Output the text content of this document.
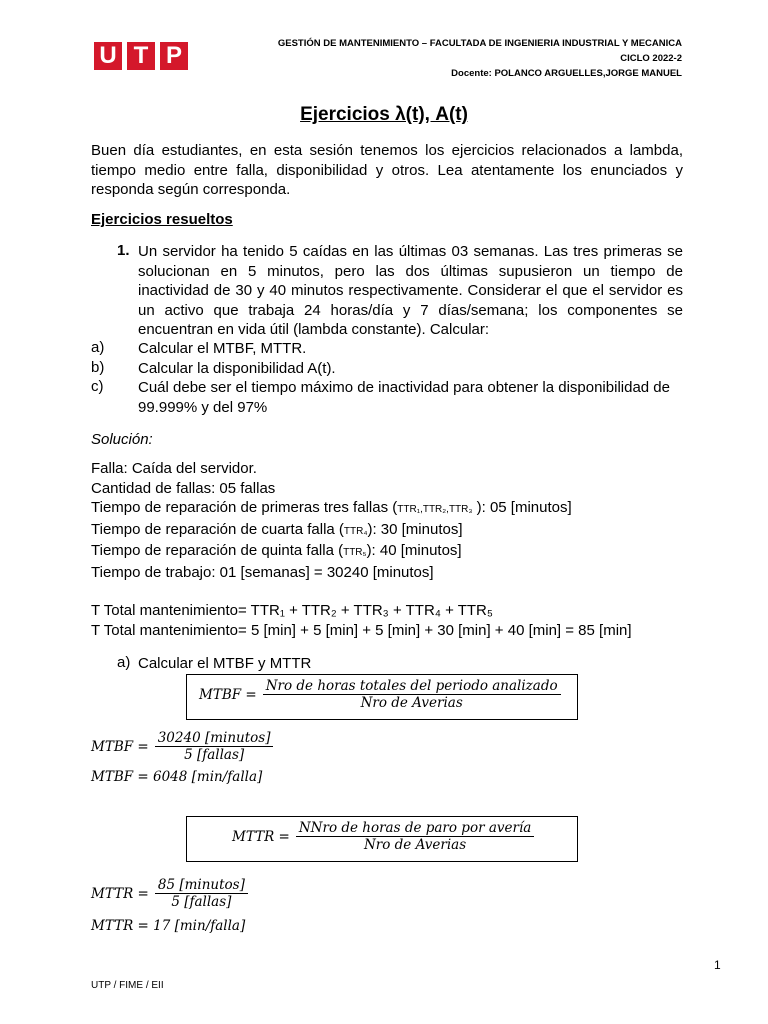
U T P	GESTIÓN DE MANTENIMIENTO – FACULTADA DE INGENIERIA INDUSTRIAL Y MECANICA
CICLO 2022-2
Docente: POLANCO ARGUELLES,JORGE MANUEL
Ejercicios λ(t), A(t)
Buen día estudiantes, en esta sesión tenemos los ejercicios relacionados a lambda, tiempo medio entre falla, disponibilidad y otros. Lea atentamente los enunciados y responda según corresponda.
Ejercicios resueltos
1. Un servidor ha tenido 5 caídas en las últimas 03 semanas. Las tres primeras se solucionan en 5 minutos, pero las dos últimas supusieron un tiempo de inactividad de 30 y 40 minutos respectivamente. Considerar el que el servidor es un activo que trabaja 24 horas/día y 7 días/semana; los componentes se encuentran en vida útil (lambda constante). Calcular:
a) Calcular el MTBF, MTTR.
b) Calcular la disponibilidad A(t).
c) Cuál debe ser el tiempo máximo de inactividad para obtener la disponibilidad de 99.999% y del 97%
Solución:
Falla: Caída del servidor.
Cantidad de fallas: 05 fallas
Tiempo de reparación de primeras tres fallas (TTR₁,TTR₂,TTR₃ ): 05 [minutos]
Tiempo de reparación de cuarta falla (TTR₄): 30 [minutos]
Tiempo de reparación de quinta falla (TTR₅): 40 [minutos]
Tiempo de trabajo: 01 [semanas] = 30240 [minutos]
T Total mantenimiento= TTR₁ + TTR₂ + TTR₃ + TTR₄ + TTR₅
T Total mantenimiento= 5 [min] + 5 [min] + 5 [min] + 30 [min] + 40 [min] = 85 [min]
a) Calcular el MTBF y MTTR
MTBF = $\frac{\text{Nro de horas totales del periodo analizado}}{\text{Nro de Averias}}$
MTBF = $\frac{\text{30240 [minutos]}}{\text{5 [fallas]}}$
MTBF = 6048 [min/falla]
MTTR = $\frac{\text{NNro de horas de paro por avería}}{\text{Nro de Averias}}$
MTTR = $\frac{\text{85 [minutos]}}{\text{5 [fallas]}}$
MTTR = 17 [min/falla]
1
UTP / FIME / EII
